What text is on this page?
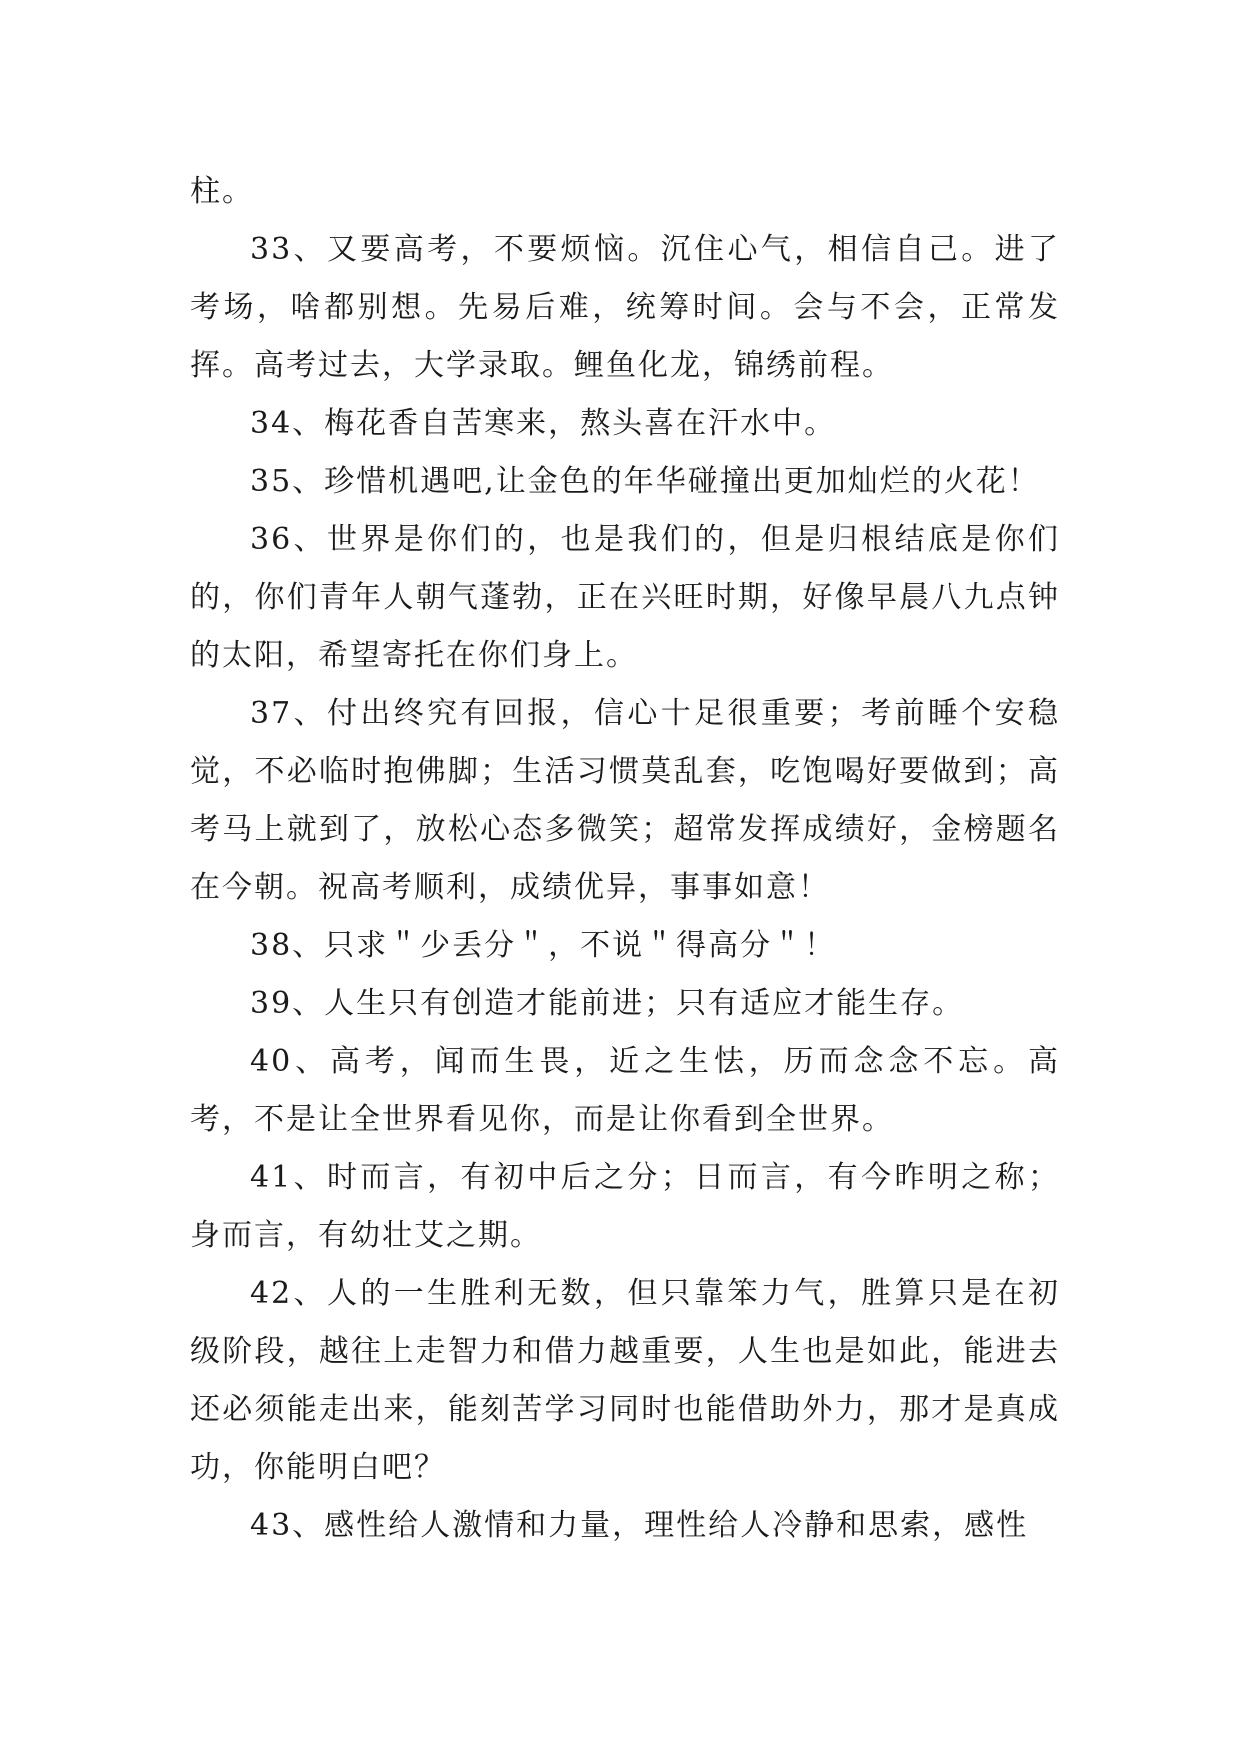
柱。

33、又要高考，不要烦恼。沉住心气，相信自己。进了考场，啥都别想。先易后难，统筹时间。会与不会，正常发挥。高考过去，大学录取。鲤鱼化龙，锦绣前程。

34、梅花香自苦寒来，熬头喜在汗水中。

35、珍惜机遇吧,让金色的年华碰撞出更加灿烂的火花！

36、世界是你们的，也是我们的，但是归根结底是你们的，你们青年人朝气蓬勃，正在兴旺时期，好像早晨八九点钟的太阳，希望寄托在你们身上。

37、付出终究有回报，信心十足很重要；考前睡个安稳觉，不必临时抱佛脚；生活习惯莫乱套，吃饱喝好要做到；高考马上就到了，放松心态多微笑；超常发挥成绩好，金榜题名在今朝。祝高考顺利，成绩优异，事事如意！

38、只求＂少丢分＂，不说＂得高分＂！

39、人生只有创造才能前进；只有适应才能生存。

40、高考，闻而生畏，近之生怯，历而念念不忘。高考，不是让全世界看见你，而是让你看到全世界。

41、时而言，有初中后之分；日而言，有今昨明之称；身而言，有幼壮艾之期。

42、人的一生胜利无数，但只靠笨力气，胜算只是在初级阶段，越往上走智力和借力越重要，人生也是如此，能进去还必须能走出来，能刻苦学习同时也能借助外力，那才是真成功，你能明白吧？

43、感性给人激情和力量，理性给人冷静和思索，感性
